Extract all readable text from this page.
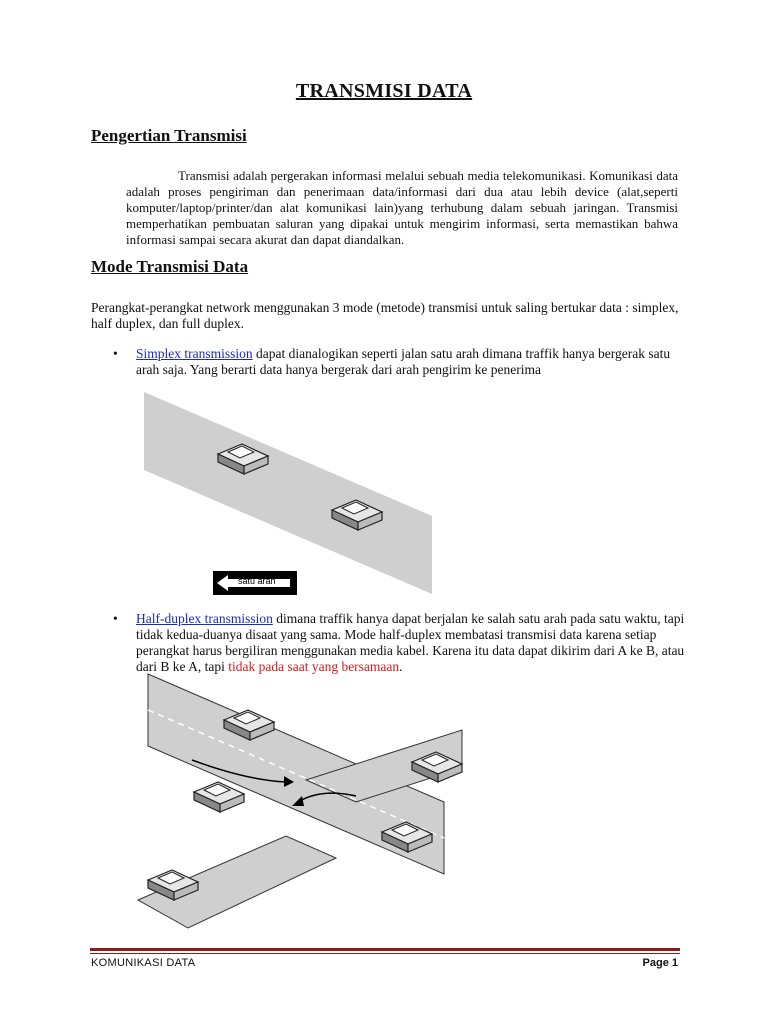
TRANSMISI DATA
Pengertian Transmisi
Transmisi adalah pergerakan informasi melalui sebuah media telekomunikasi. Komunikasi data adalah proses pengiriman dan penerimaan data/informasi dari dua atau lebih device (alat,seperti komputer/laptop/printer/dan alat komunikasi lain)yang terhubung dalam sebuah jaringan. Transmisi memperhatikan pembuatan saluran yang dipakai untuk mengirim informasi, serta memastikan bahwa informasi sampai secara akurat dan dapat diandalkan.
Mode Transmisi Data
Perangkat-perangkat network menggunakan 3 mode (metode) transmisi untuk saling bertukar data : simplex, half duplex, dan full duplex.
• Simplex transmission dapat dianalogikan seperti jalan satu arah dimana traffik hanya bergerak satu arah saja. Yang berarti data hanya bergerak dari arah pengirim ke penerima
satu arah
• Half-duplex transmission dimana traffik hanya dapat berjalan ke salah satu arah pada satu waktu, tapi tidak kedua-duanya disaat yang sama. Mode half-duplex membatasi transmisi data karena setiap perangkat harus bergiliran menggunakan media kabel. Karena itu data dapat dikirim dari A ke B, atau dari B ke A, tapi tidak pada saat yang bersamaan.
KOMUNIKASI DATA	Page 1
